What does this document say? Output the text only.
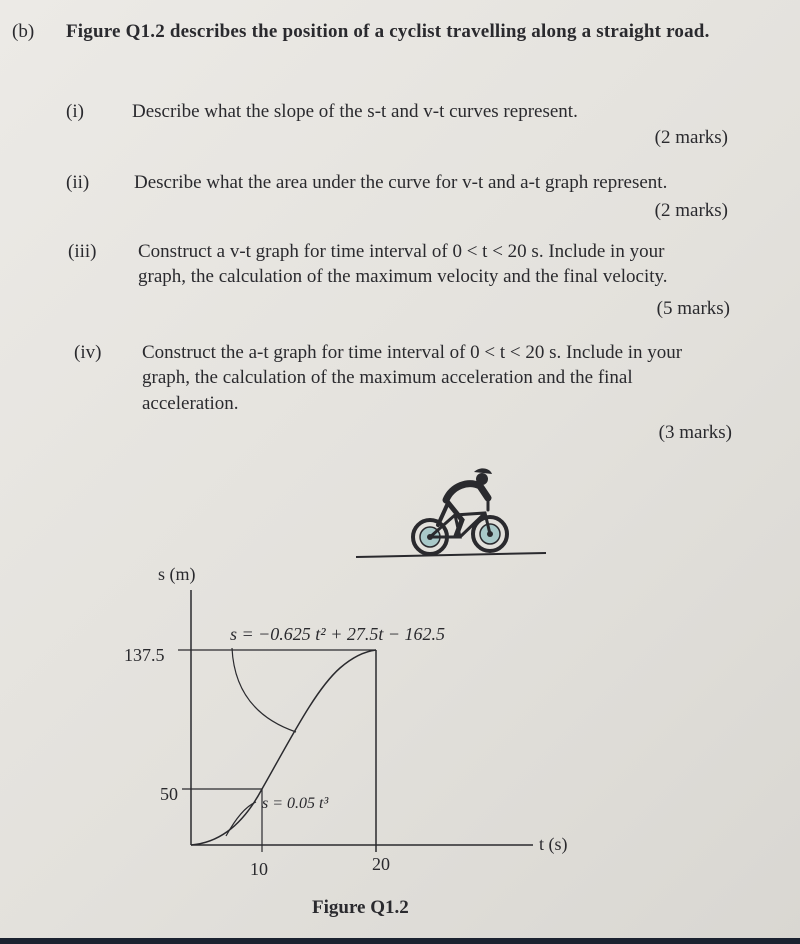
(b) Figure Q1.2 describes the position of a cyclist travelling along a straight road.
(i)	Describe what the slope of the s-t and v-t curves represent.
(2 marks)
(ii) Describe what the area under the curve for v-t and a-t graph represent.
(2 marks)
(iii) Construct a v-t graph for time interval of 0 < t < 20 s. Include in your
graph, the calculation of the maximum velocity and the final velocity.
(5 marks)
(iv) Construct the a-t graph for time interval of 0 < t < 20 s. Include in your
graph, the calculation of the maximum acceleration and the final
acceleration.
(3 marks)
s (m)
t (s)
137.5
50
10	20
s = −0.625 t² + 27.5t − 162.5
s = 0.05 t³
Figure Q1.2
